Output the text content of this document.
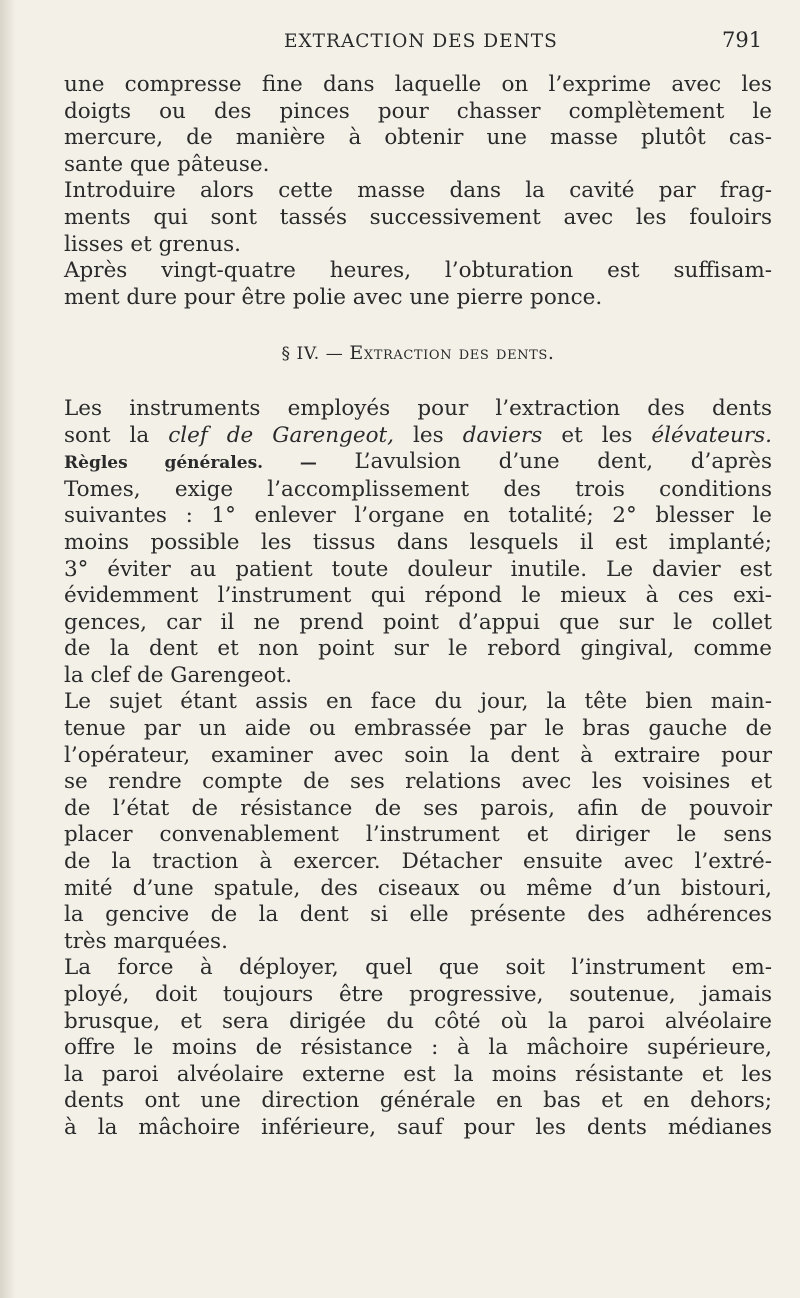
EXTRACTION DES DENTS	791
une compresse fine dans laquelle on l’exprime avec les
doigts ou des pinces pour chasser complètement le
mercure, de manière à obtenir une masse plutôt cas-
sante que pâteuse.
Introduire alors cette masse dans la cavité par frag-
ments qui sont tassés successivement avec les fouloirs
lisses et grenus.
Après vingt-quatre heures, l’obturation est suffisam-
ment dure pour être polie avec une pierre ponce.
§ IV. — Extraction des dents.
Les instruments employés pour l’extraction des dents
sont la clef de Garengeot, les daviers et les élévateurs.
Règles générales. — L’avulsion d’une dent, d’après
Tomes, exige l’accomplissement des trois conditions
suivantes : 1° enlever l’organe en totalité; 2° blesser le
moins possible les tissus dans lesquels il est implanté;
3° éviter au patient toute douleur inutile. Le davier est
évidemment l’instrument qui répond le mieux à ces exi-
gences, car il ne prend point d’appui que sur le collet
de la dent et non point sur le rebord gingival, comme
la clef de Garengeot.
Le sujet étant assis en face du jour, la tête bien main-
tenue par un aide ou embrassée par le bras gauche de
l’opérateur, examiner avec soin la dent à extraire pour
se rendre compte de ses relations avec les voisines et
de l’état de résistance de ses parois, afin de pouvoir
placer convenablement l’instrument et diriger le sens
de la traction à exercer. Détacher ensuite avec l’extré-
mité d’une spatule, des ciseaux ou même d’un bistouri,
la gencive de la dent si elle présente des adhérences
très marquées.
La force à déployer, quel que soit l’instrument em-
ployé, doit toujours être progressive, soutenue, jamais
brusque, et sera dirigée du côté où la paroi alvéolaire
offre le moins de résistance : à la mâchoire supérieure,
la paroi alvéolaire externe est la moins résistante et les
dents ont une direction générale en bas et en dehors;
à la mâchoire inférieure, sauf pour les dents médianes
